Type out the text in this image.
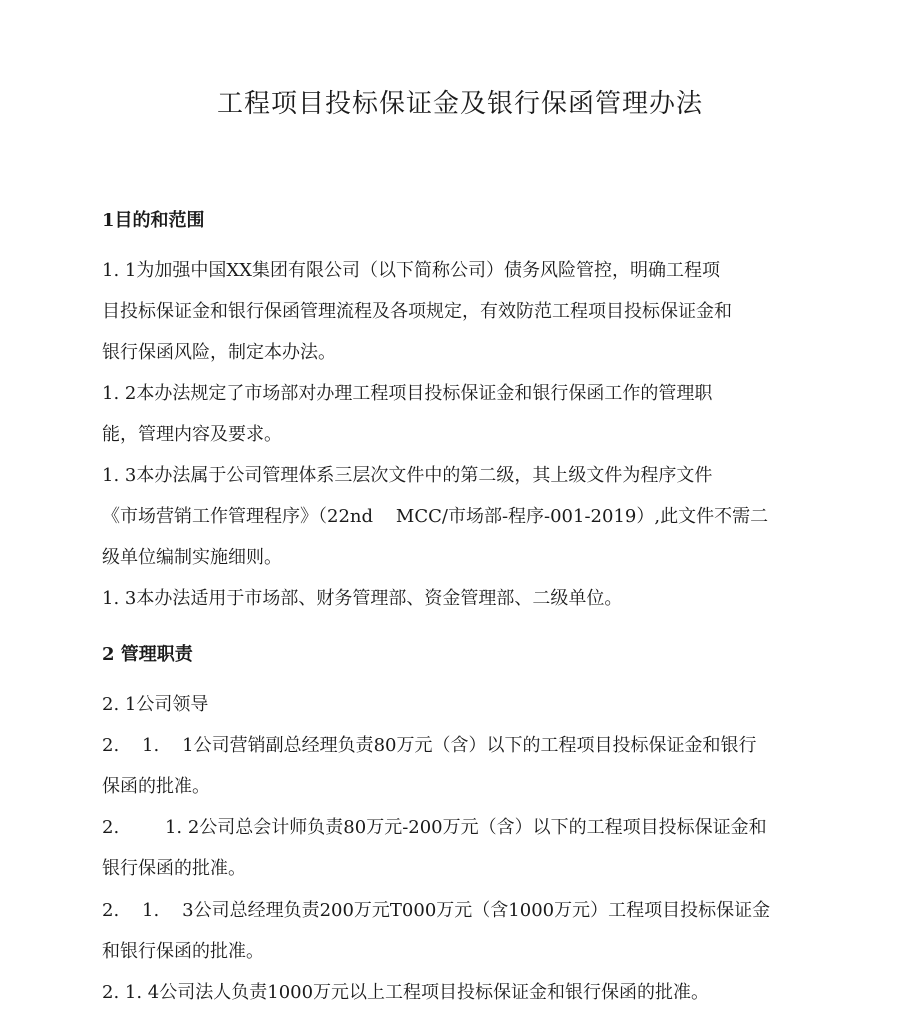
工程项目投标保证金及银行保函管理办法
1目的和范围
1. 1为加强中国XX集团有限公司（以下简称公司）债务风险管控，明确工程项
目投标保证金和银行保函管理流程及各项规定，有效防范工程项目投标保证金和
银行保函风险，制定本办法。
1. 2本办法规定了市场部对办理工程项目投标保证金和银行保函工作的管理职
能，管理内容及要求。
1. 3本办法属于公司管理体系三层次文件中的第二级，其上级文件为程序文件
《市场营销工作管理程序》（22nd    MCC/市场部-程序-001-2019）,此文件不需二
级单位编制实施细则。
1. 3本办法适用于市场部、财务管理部、资金管理部、二级单位。
2 管理职责
2. 1公司领导
2.    1.    1公司营销副总经理负责80万元（含）以下的工程项目投标保证金和银行
保函的批准。
2.        1. 2公司总会计师负责80万元-200万元（含）以下的工程项目投标保证金和
银行保函的批准。
2.    1.    3公司总经理负责200万元T000万元（含1000万元）工程项目投标保证金
和银行保函的批准。
2. 1. 4公司法人负责1000万元以上工程项目投标保证金和银行保函的批准。
